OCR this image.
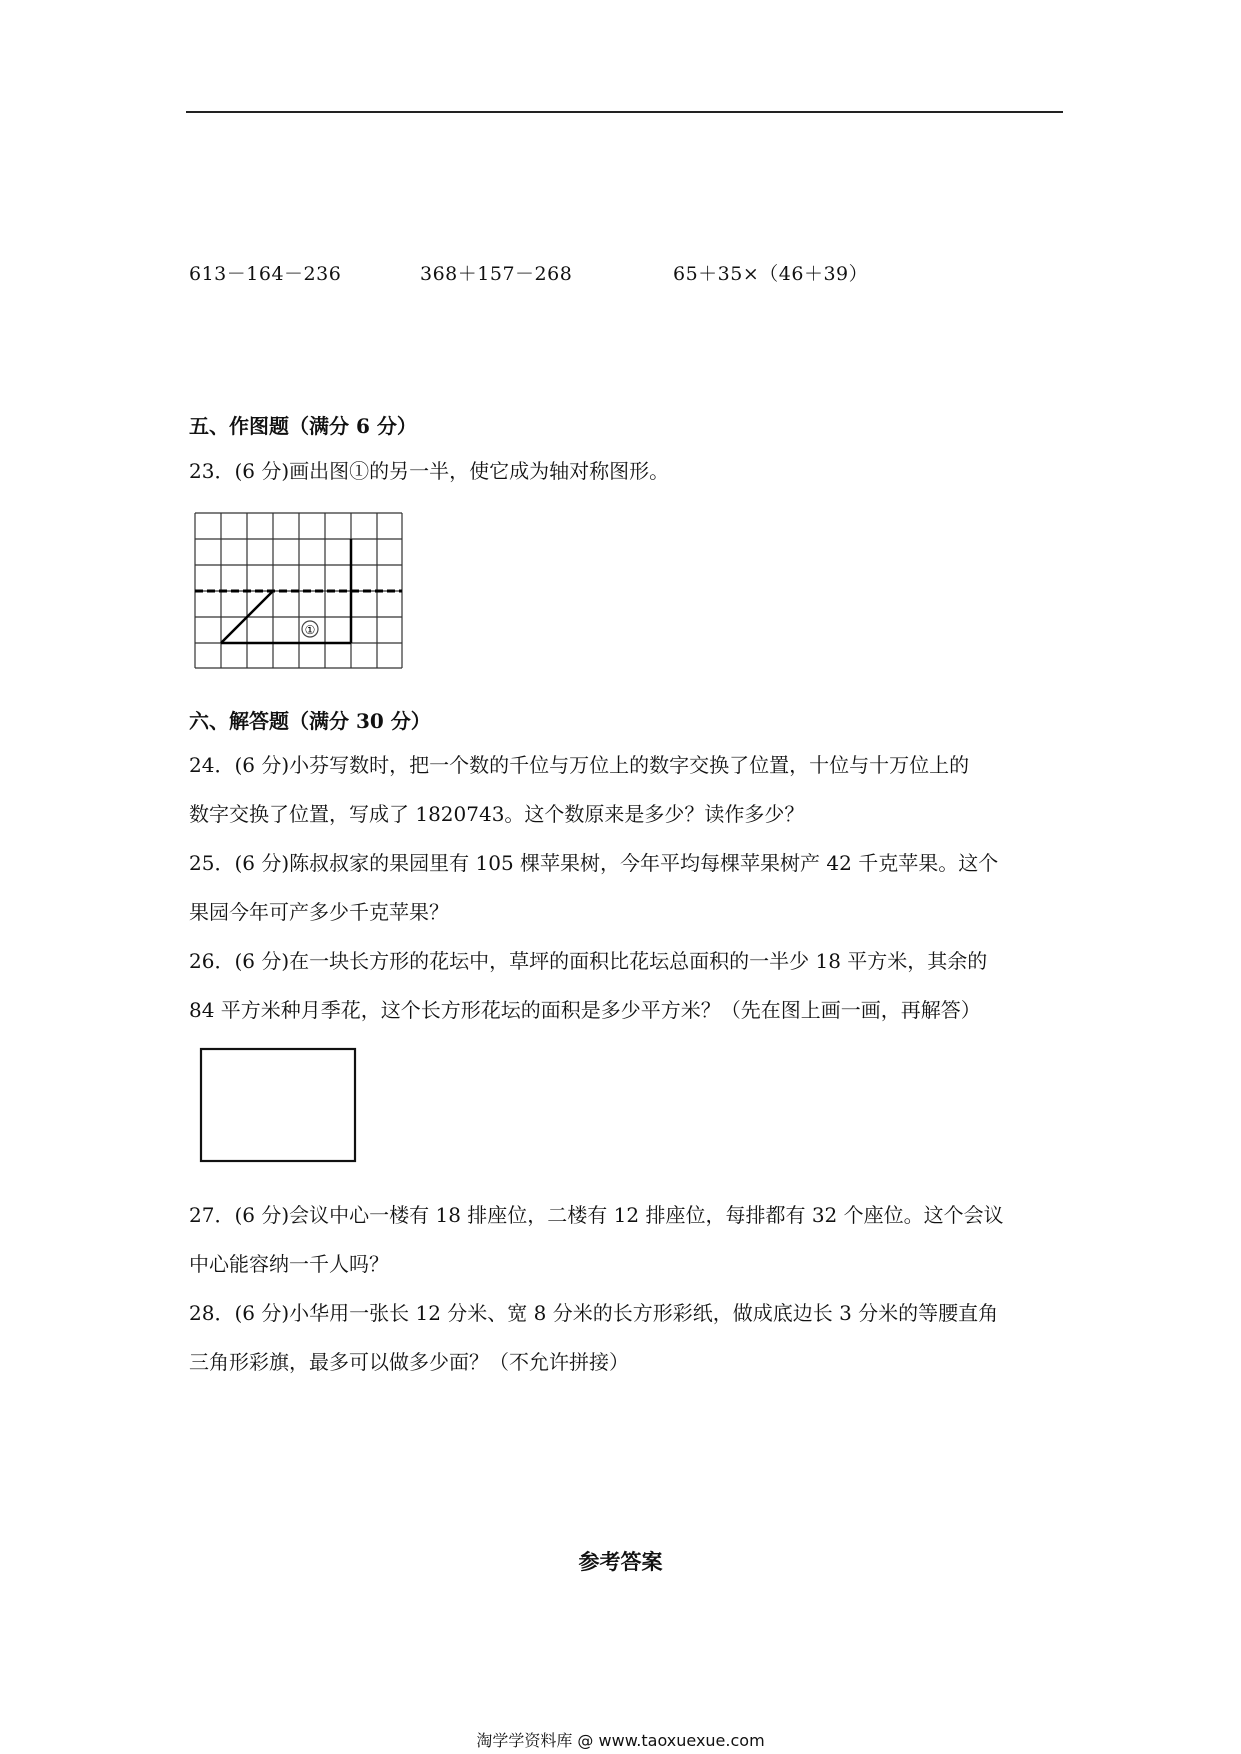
613－164－236	368＋157－268	65＋35×（46＋39）
五、作图题（满分 6 分）
23．(6 分)画出图①的另一半，使它成为轴对称图形。
①
六、解答题（满分 30 分）
24．(6 分)小芬写数时，把一个数的千位与万位上的数字交换了位置，十位与十万位上的
数字交换了位置，写成了 1820743。这个数原来是多少？读作多少？
25．(6 分)陈叔叔家的果园里有 105 棵苹果树，今年平均每棵苹果树产 42 千克苹果。这个
果园今年可产多少千克苹果？
26．(6 分)在一块长方形的花坛中，草坪的面积比花坛总面积的一半少 18 平方米，其余的
84 平方米种月季花，这个长方形花坛的面积是多少平方米？（先在图上画一画，再解答）
27．(6 分)会议中心一楼有 18 排座位，二楼有 12 排座位，每排都有 32 个座位。这个会议
中心能容纳一千人吗？
28．(6 分)小华用一张长 12 分米、宽 8 分米的长方形彩纸，做成底边长 3 分米的等腰直角
三角形彩旗，最多可以做多少面？（不允许拼接）
参考答案
淘学学资料库 @ www.taoxuexue.com
